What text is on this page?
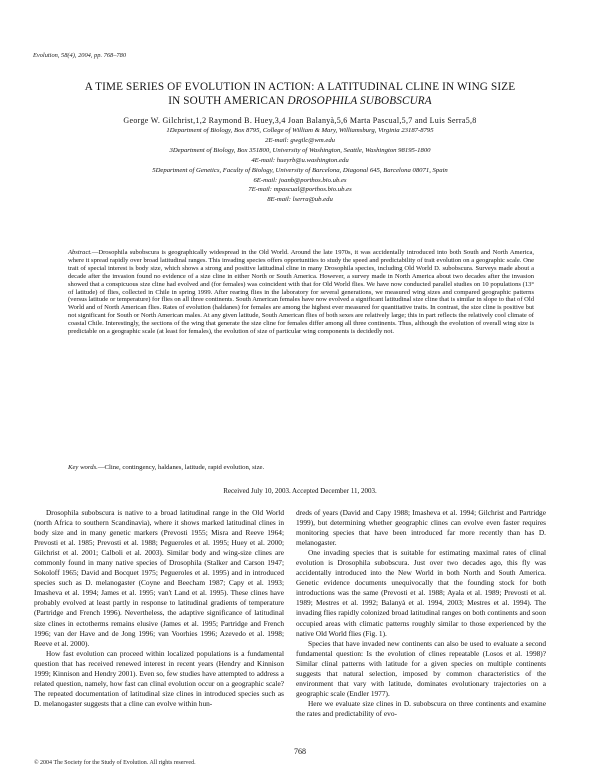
Evolution, 58(4), 2004, pp. 768–780
A TIME SERIES OF EVOLUTION IN ACTION: A LATITUDINAL CLINE IN WING SIZE
IN SOUTH AMERICAN DROSOPHILA SUBOBSCURA
George W. Gilchrist,1,2 Raymond B. Huey,3,4 Joan Balanyà,5,6 Marta Pascual,5,7 and Luis Serra5,8
1Department of Biology, Box 8795, College of William & Mary, Williamsburg, Virginia 23187-8795
2E-mail: gwgilc@wm.edu
3Department of Biology, Box 351800, University of Washington, Seattle, Washington 98195-1800
4E-mail: hueyrb@u.washington.edu
5Department of Genetics, Faculty of Biology, University of Barcelona, Diagonal 645, Barcelona 08071, Spain
6E-mail: joanb@porthos.bio.ub.es
7E-mail: mpascual@porthos.bio.ub.es
8E-mail: lserra@ub.edu
Abstract.—Drosophila subobscura is geographically widespread in the Old World. Around the late 1970s, it was accidentally introduced into both South and North America, where it spread rapidly over broad latitudinal ranges. This invading species offers opportunities to study the speed and predictability of trait evolution on a geographic scale. One trait of special interest is body size, which shows a strong and positive latitudinal cline in many Drosophila species, including Old World D. subobscura. Surveys made about a decade after the invasion found no evidence of a size cline in either North or South America. However, a survey made in North America about two decades after the invasion showed that a conspicuous size cline had evolved and (for females) was coincident with that for Old World flies. We have now conducted parallel studies on 10 populations (13° of latitude) of flies, collected in Chile in spring 1999. After rearing flies in the laboratory for several generations, we measured wing sizes and compared geographic patterns (versus latitude or temperature) for flies on all three continents. South American females have now evolved a significant latitudinal size cline that is similar in slope to that of Old World and of North American flies. Rates of evolution (haldanes) for females are among the highest ever measured for quantitative traits. In contrast, the size cline is positive but not significant for South or North American males. At any given latitude, South American flies of both sexes are relatively large; this in part reflects the relatively cool climate of coastal Chile. Interestingly, the sections of the wing that generate the size cline for females differ among all three continents. Thus, although the evolution of overall wing size is predictable on a geographic scale (at least for females), the evolution of size of particular wing components is decidedly not.
Key words.—Cline, contingency, haldanes, latitude, rapid evolution, size.
Received July 10, 2003. Accepted December 11, 2003.

Drosophila subobscura is native to a broad latitudinal range in the Old World (north Africa to southern Scandinavia), where it shows marked latitudinal clines in body size and in many genetic markers (Prevosti 1955; Misra and Reeve 1964; Prevosti et al. 1985; Prevosti et al. 1988; Pegueroles et al. 1995; Huey et al. 2000; Gilchrist et al. 2001; Calboli et al. 2003). Similar body and wing-size clines are commonly found in many native species of Drosophila (Stalker and Carson 1947; Sokoloff 1965; David and Bocquet 1975; Pegueroles et al. 1995) and in introduced species such as D. melanogaster (Coyne and Beecham 1987; Capy et al. 1993; Imasheva et al. 1994; James et al. 1995; van't Land et al. 1995). These clines have probably evolved at least partly in response to latitudinal gradients of temperature (Partridge and French 1996). Nevertheless, the adaptive significance of latitudinal size clines in ectotherms remains elusive (James et al. 1995; Partridge and French 1996; van der Have and de Jong 1996; van Voorhies 1996; Azevedo et al. 1998; Reeve et al. 2000).

How fast evolution can proceed within localized populations is a fundamental question that has received renewed interest in recent years (Hendry and Kinnison 1999; Kinnison and Hendry 2001). Even so, few studies have attempted to address a related question, namely, how fast can clinal evolution occur on a geographic scale? The repeated documentation of latitudinal size clines in introduced species such as D. melanogaster suggests that a cline can evolve within hun-

dreds of years (David and Capy 1988; Imasheva et al. 1994; Gilchrist and Partridge 1999), but determining whether geographic clines can evolve even faster requires monitoring species that have been introduced far more recently than has D. melanogaster.

One invading species that is suitable for estimating maximal rates of clinal evolution is Drosophila subobscura. Just over two decades ago, this fly was accidentally introduced into the New World in both North and South America. Genetic evidence documents unequivocally that the founding stock for both introductions was the same (Prevosti et al. 1988; Ayala et al. 1989; Prevosti et al. 1989; Mestres et al. 1992; Balanyà et al. 1994, 2003; Mestres et al. 1994). The invading flies rapidly colonized broad latitudinal ranges on both continents and soon occupied areas with climatic patterns roughly similar to those experienced by the native Old World flies (Fig. 1).

Species that have invaded new continents can also be used to evaluate a second fundamental question: Is the evolution of clines repeatable (Losos et al. 1998)? Similar clinal patterns with latitude for a given species on multiple continents suggests that natural selection, imposed by common characteristics of the environment that vary with latitude, dominates evolutionary trajectories on a geographic scale (Endler 1977).

Here we evaluate size clines in D. subobscura on three continents and examine the rates and predictability of evo-

768
© 2004 The Society for the Study of Evolution. All rights reserved.
